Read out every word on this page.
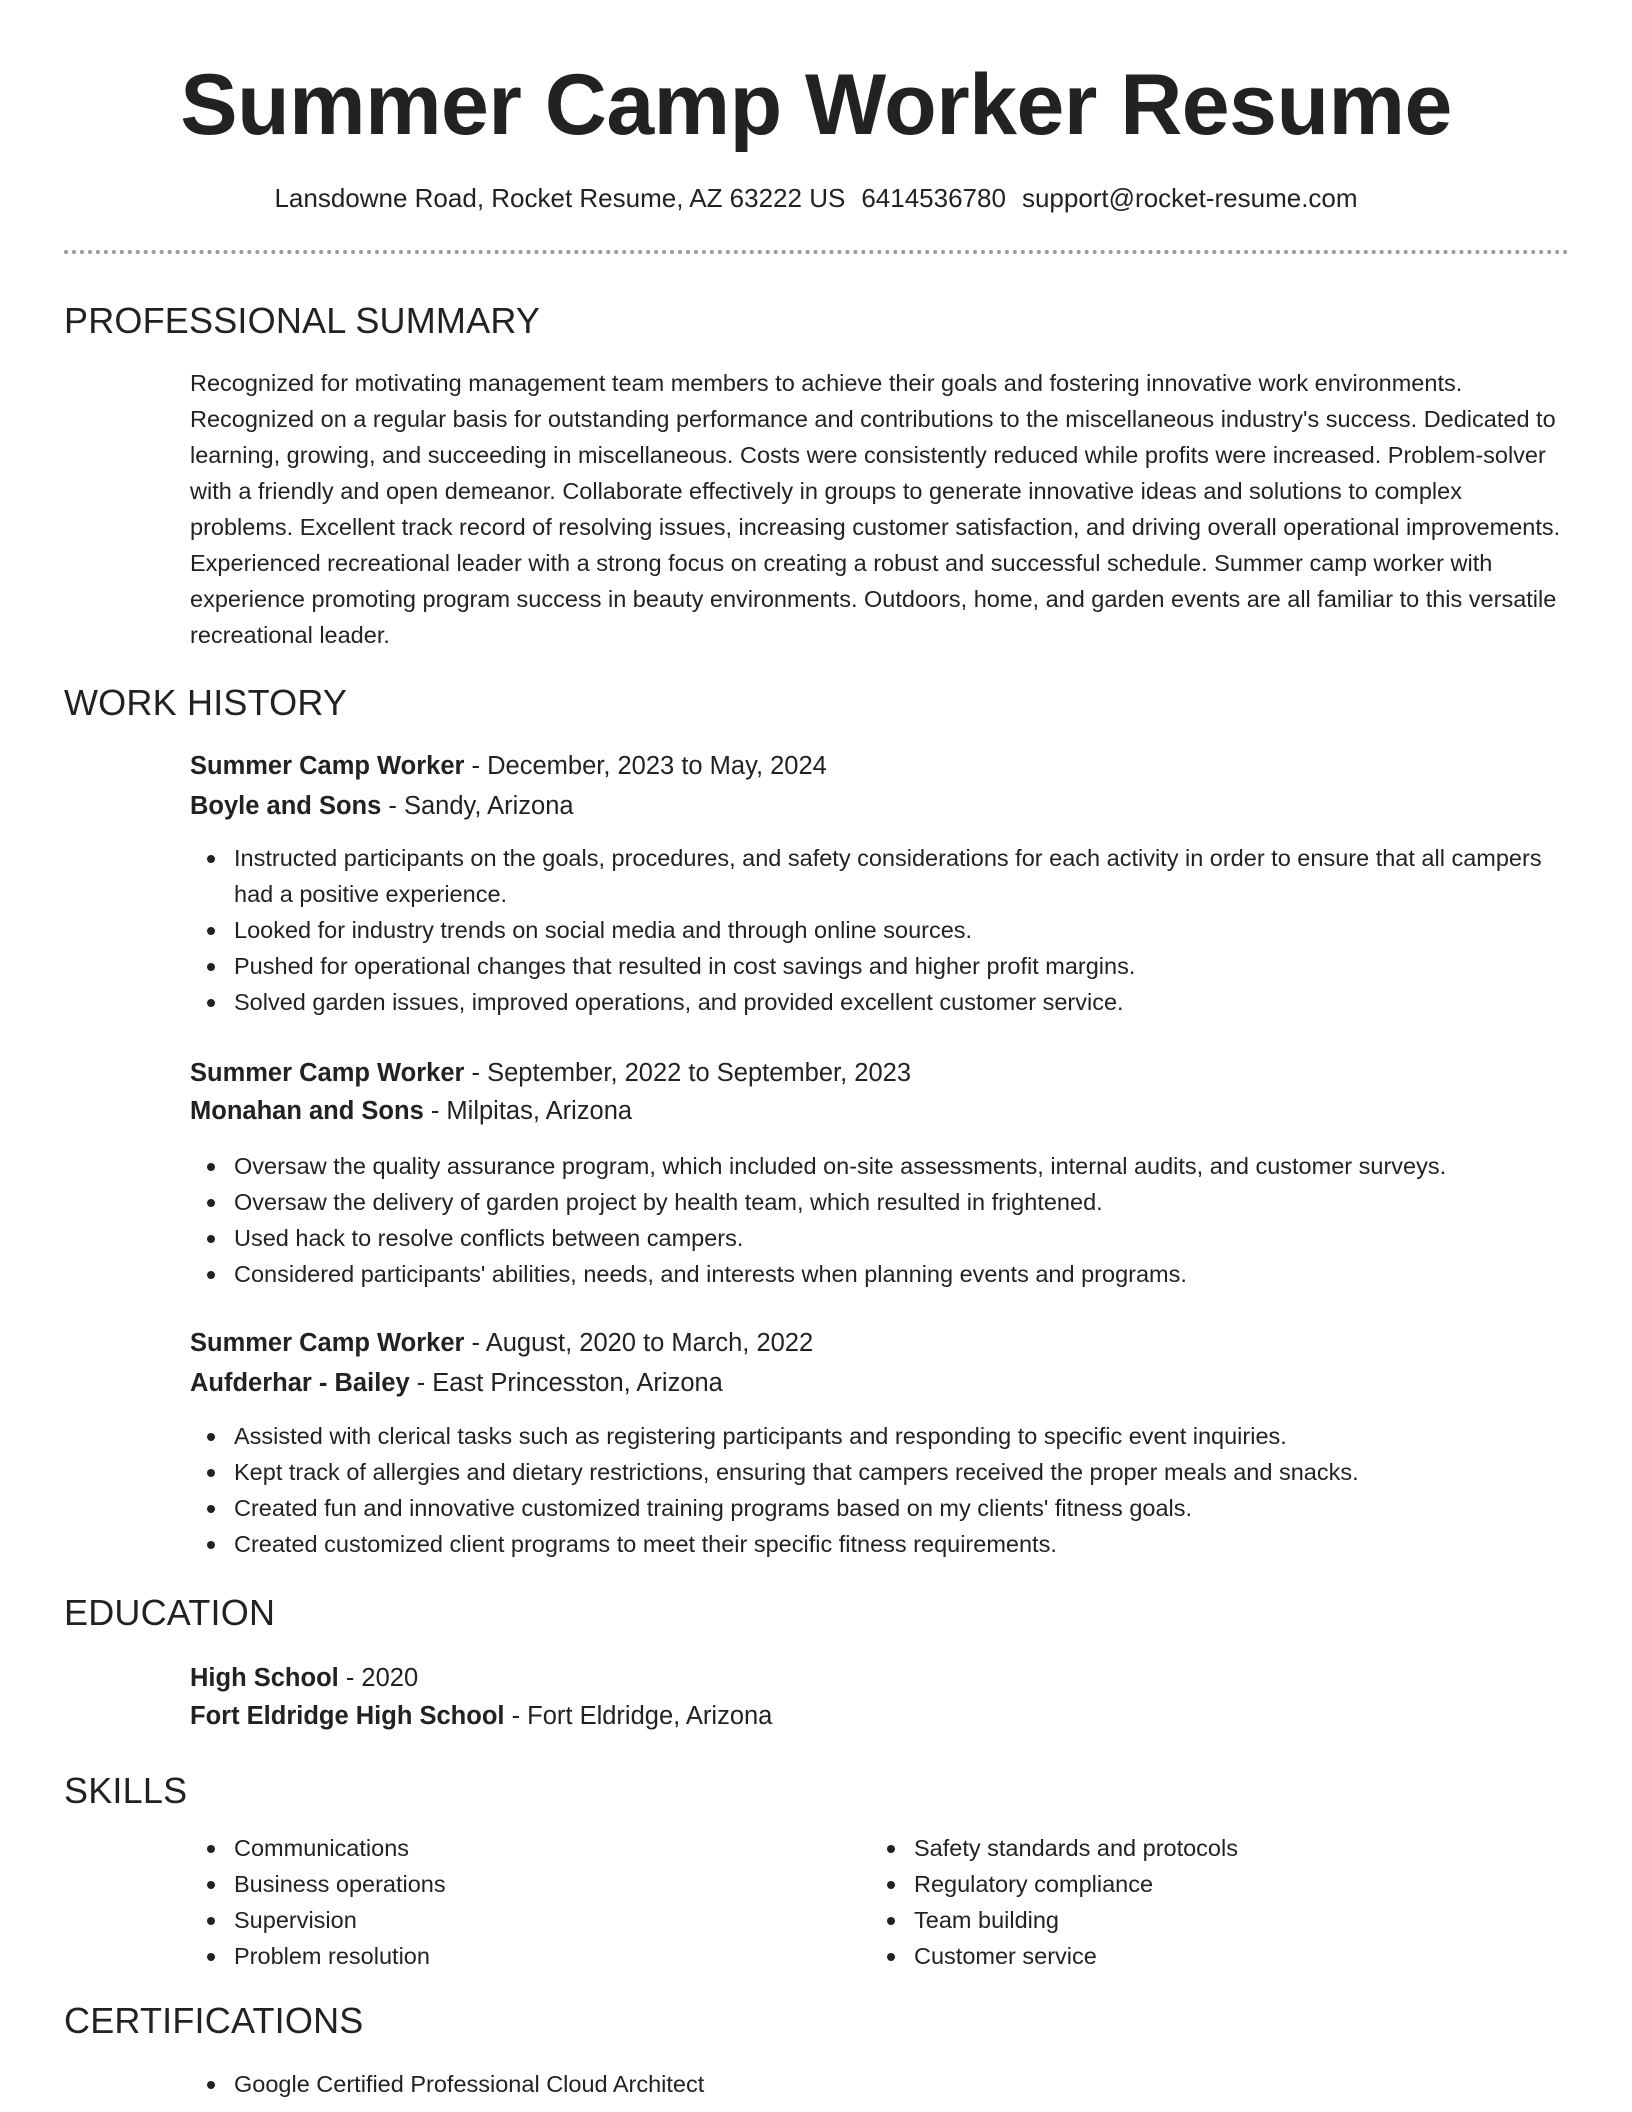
Summer Camp Worker Resume
Lansdowne Road, Rocket Resume, AZ 63222 US 6414536780 support@rocket-resume.com
PROFESSIONAL SUMMARY
Recognized for motivating management team members to achieve their goals and fostering innovative work environments. Recognized on a regular basis for outstanding performance and contributions to the miscellaneous industry's success. Dedicated to learning, growing, and succeeding in miscellaneous. Costs were consistently reduced while profits were increased. Problem-solver with a friendly and open demeanor. Collaborate effectively in groups to generate innovative ideas and solutions to complex problems. Excellent track record of resolving issues, increasing customer satisfaction, and driving overall operational improvements. Experienced recreational leader with a strong focus on creating a robust and successful schedule. Summer camp worker with experience promoting program success in beauty environments. Outdoors, home, and garden events are all familiar to this versatile recreational leader.
WORK HISTORY
Summer Camp Worker - December, 2023 to May, 2024
Boyle and Sons - Sandy, Arizona
Instructed participants on the goals, procedures, and safety considerations for each activity in order to ensure that all campers had a positive experience.
Looked for industry trends on social media and through online sources.
Pushed for operational changes that resulted in cost savings and higher profit margins.
Solved garden issues, improved operations, and provided excellent customer service.
Summer Camp Worker - September, 2022 to September, 2023
Monahan and Sons - Milpitas, Arizona
Oversaw the quality assurance program, which included on-site assessments, internal audits, and customer surveys.
Oversaw the delivery of garden project by health team, which resulted in frightened.
Used hack to resolve conflicts between campers.
Considered participants' abilities, needs, and interests when planning events and programs.
Summer Camp Worker - August, 2020 to March, 2022
Aufderhar - Bailey - East Princesston, Arizona
Assisted with clerical tasks such as registering participants and responding to specific event inquiries.
Kept track of allergies and dietary restrictions, ensuring that campers received the proper meals and snacks.
Created fun and innovative customized training programs based on my clients' fitness goals.
Created customized client programs to meet their specific fitness requirements.
EDUCATION
High School - 2020
Fort Eldridge High School - Fort Eldridge, Arizona
SKILLS
Communications
Business operations
Supervision
Problem resolution
Safety standards and protocols
Regulatory compliance
Team building
Customer service
CERTIFICATIONS
Google Certified Professional Cloud Architect
